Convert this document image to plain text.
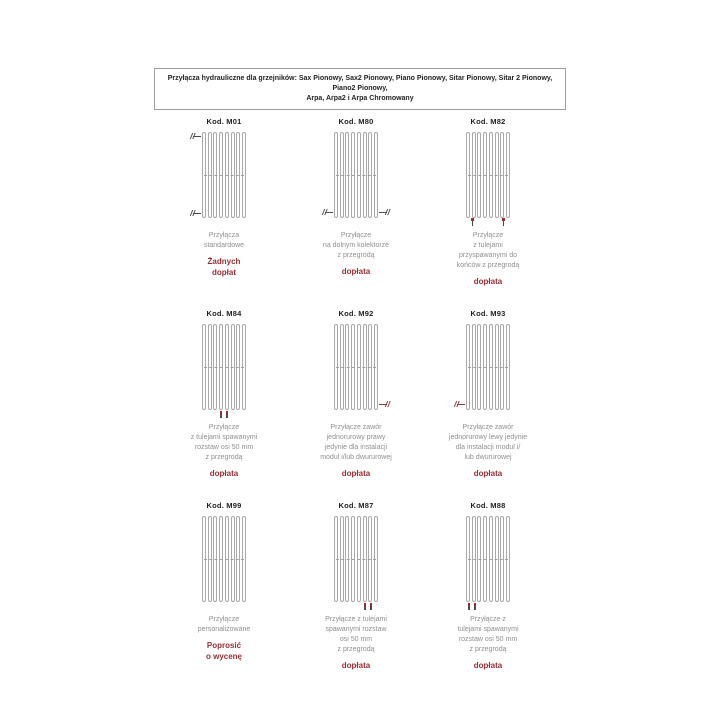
Przyłącza hydrauliczne dla grzejników: Sax Pionowy, Sax2 Pionowy, Piano Pionowy, Sitar Pionowy, Sitar 2 Pionowy, Piano2 Pionowy,
Arpa, Arpa2 i Arpa Chromowany
Kod. M01
Przyłącza
standardowe
Żadnych
dopłat
Kod. M80
Przyłącze
na dolnym kolektorze
z przegrodą
dopłata
Kod. M82
Przyłącze
z tulejami
przyspawanymi do
końców z przegrodą
dopłata
Kod. M84
Przyłącze
z tulejami spawanymi
rozstaw osi 50 mm
z przegrodą
dopłata
Kod. M92
Przyłącze zawór
jednorurowy prawy
jedynie dla instalacji
modul i/lub dwururowej
dopłata
Kod. M93
Przyłącze zawór
jednorurowy lewy jedynie
dla instalacji modul i/
lub dwururowej
dopłata
Kod. M99
Przyłącze
personalizowane
Poprosić
o wycenę
Kod. M87
Przyłącze z tulejami
spawanymi rozstaw
osi 50 mm
z przegrodą
dopłata
Kod. M88
Przyłącze z
tulejami spawanymi
rozstaw osi 50 mm
z przegrodą
dopłata
